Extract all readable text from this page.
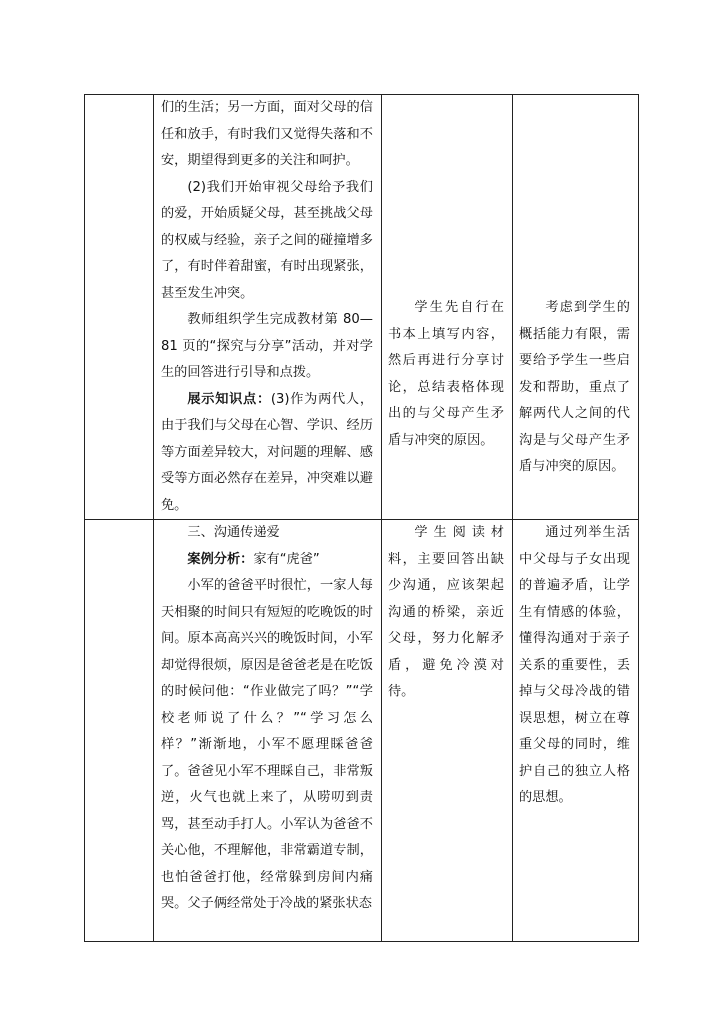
	们的生活；另一方面，面对父母的信任和放手，有时我们又觉得失落和不安，期望得到更多的关注和呵护。

(2)我们开始审视父母给予我们的爱，开始质疑父母，甚至挑战父母的权威与经验，亲子之间的碰撞增多了，有时伴着甜蜜，有时出现紧张，甚至发生冲突。

教师组织学生完成教材第 80—81 页的“探究与分享”活动，并对学生的回答进行引导和点拨。

展示知识点：(3)作为两代人，由于我们与父母在心智、学识、经历等方面差异较大，对问题的理解、感受等方面必然存在差异，冲突难以避免。	学生先自行在书本上填写内容，然后再进行分享讨论，总结表格体现出的与父母产生矛盾与冲突的原因。	考虑到学生的概括能力有限，需要给予学生一些启发和帮助，重点了解两代人之间的代沟是与父母产生矛盾与冲突的原因。

	三、沟通传递爱

案例分析：家有“虎爸”

小军的爸爸平时很忙，一家人每天相聚的时间只有短短的吃晚饭的时间。原本高高兴兴的晚饭时间，小军却觉得很烦，原因是爸爸老是在吃饭的时候问他：“作业做完了吗？”“学校老师说了什么？”“学习怎么样？”渐渐地，小军不愿理睬爸爸了。爸爸见小军不理睬自己，非常叛逆，火气也就上来了，从唠叨到责骂，甚至动手打人。小军认为爸爸不关心他，不理解他，非常霸道专制，也怕爸爸打他，经常躲到房间内痛哭。父子俩经常处于冷战的紧张状态	学生阅读材料，主要回答出缺少沟通，应该架起沟通的桥梁，亲近父母，努力化解矛盾，避免冷漠对待。	通过列举生活中父母与子女出现的普遍矛盾，让学生有情感的体验，懂得沟通对于亲子关系的重要性，丢掉与父母冷战的错误思想，树立在尊重父母的同时，维护自己的独立人格的思想。
